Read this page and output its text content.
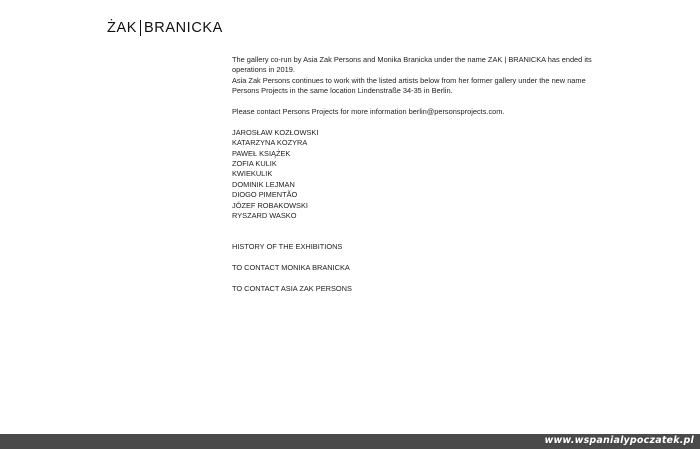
ŻAK BRANICKA

The gallery co-run by Asia Zak Persons and Monika Branicka under the name ZAK | BRANICKA has ended its operations in 2019.

Asia Zak Persons continues to work with the listed artists below from her former gallery under the new name Persons Projects in the same location Lindenstraße 34-35 in Berlin.

Please contact Persons Projects for more information berlin@personsprojects.com.

JAROSŁAW KOZŁOWSKI
KATARZYNA KOZYRA
PAWEŁ KSIĄŻEK
ZOFIA KULIK
KWIEKULIK
DOMINIK LEJMAN
DIOGO PIMENTÃO
JÓZEF ROBAKOWSKI
RYSZARD WASKO
HISTORY OF THE EXHIBITIONS
TO CONTACT MONIKA BRANICKA
TO CONTACT ASIA ZAK PERSONS
www.wspanialypoczatek.pl
